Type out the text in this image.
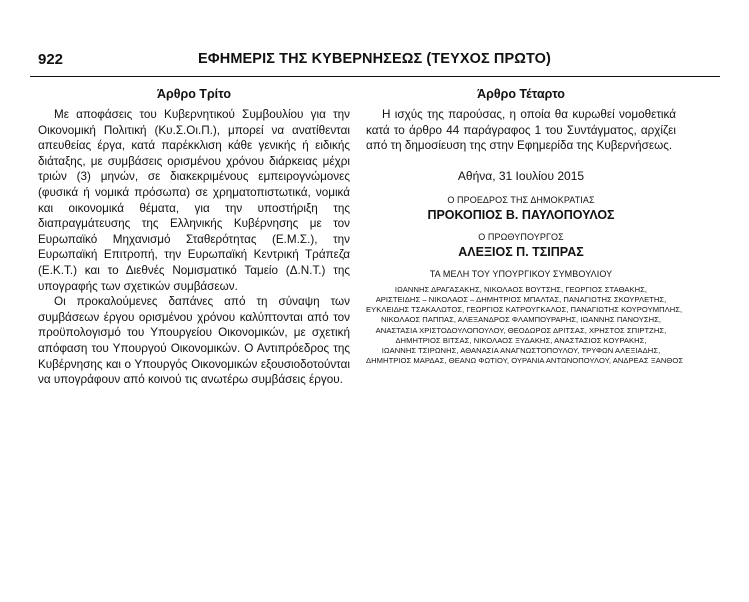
922	ΕΦΗΜΕΡΙΣ ΤΗΣ ΚΥΒΕΡΝΗΣΕΩΣ (ΤΕΥΧΟΣ ΠΡΩΤΟ)
Άρθρο Τρίτο

Με αποφάσεις του Κυβερνητικού Συμβουλίου για την Οικονομική Πολιτική (Κυ.Σ.Οι.Π.), μπορεί να ανατίθενται απευθείας έργα, κατά παρέκκλιση κάθε γενικής ή ειδικής διάταξης, με συμβάσεις ορισμένου χρόνου διάρκειας μέχρι τριών (3) μηνών, σε διακεκριμένους εμπειρογνώμονες (φυσικά ή νομικά πρόσωπα) σε χρηματοπιστωτικά, νομικά και οικονομικά θέματα, για την υποστήριξη της διαπραγμάτευσης της Ελληνικής Κυβέρνησης με τον Ευρωπαϊκό Μηχανισμό Σταθερότητας (Ε.Μ.Σ.), την Ευρωπαϊκή Επιτροπή, την Ευρωπαϊκή Κεντρική Τράπεζα (Ε.Κ.Τ.) και το Διεθνές Νομισματικό Ταμείο (Δ.Ν.Τ.) της υπογραφής των σχετικών συμβάσεων.

Οι προκαλούμενες δαπάνες από τη σύναψη των συμβάσεων έργου ορισμένου χρόνου καλύπτονται από τον προϋπολογισμό του Υπουργείου Οικονομικών, με σχετική απόφαση του Υπουργού Οικονομικών. Ο Αντιπρόεδρος της Κυβέρνησης και ο Υπουργός Οικονομικών εξουσιοδοτούνται να υπογράφουν από κοινού τις ανωτέρω συμβάσεις έργου.

Άρθρο Τέταρτο

Η ισχύς της παρούσας, η οποία θα κυρωθεί νομοθετικά κατά το άρθρο 44 παράγραφος 1 του Συντάγματος, αρχίζει από τη δημοσίευση της στην Εφημερίδα της Κυβερνήσεως.

Αθήνα, 31 Ιουλίου 2015
Ο ΠΡΟΕΔΡΟΣ ΤΗΣ ΔΗΜΟΚΡΑΤΙΑΣ
ΠΡΟΚΟΠΙΟΣ Β. ΠΑΥΛΟΠΟΥΛΟΣ
Ο ΠΡΩΘΥΠΟΥΡΓΟΣ
ΑΛΕΞΙΟΣ Π. ΤΣΙΠΡΑΣ
ΤΑ ΜΕΛΗ ΤΟΥ ΥΠΟΥΡΓΙΚΟΥ ΣΥΜΒΟΥΛΙΟΥ
ΙΩΑΝΝΗΣ ΔΡΑΓΑΣΑΚΗΣ, ΝΙΚΟΛΑΟΣ ΒΟΥΤΣΗΣ, ΓΕΩΡΓΙΟΣ ΣΤΑΘΑΚΗΣ,
ΑΡΙΣΤΕΙΔΗΣ – ΝΙΚΟΛΑΟΣ – ΔΗΜΗΤΡΙΟΣ ΜΠΑΛΤΑΣ, ΠΑΝΑΓΙΩΤΗΣ ΣΚΟΥΡΛΕΤΗΣ,
ΕΥΚΛΕΙΔΗΣ ΤΣΑΚΑΛΩΤΟΣ, ΓΕΩΡΓΙΟΣ ΚΑΤΡΟΥΓΚΑΛΟΣ, ΠΑΝΑΓΙΩΤΗΣ ΚΟΥΡΟΥΜΠΛΗΣ,
ΝΙΚΟΛΑΟΣ ΠΑΠΠΑΣ, ΑΛΕΞΑΝΔΡΟΣ ΦΛΑΜΠΟΥΡΑΡΗΣ, ΙΩΑΝΝΗΣ ΠΑΝΟΥΣΗΣ,
ΑΝΑΣΤΑΣΙΑ ΧΡΙΣΤΟΔΟΥΛΟΠΟΥΛΟΥ, ΘΕΟΔΩΡΟΣ ΔΡΙΤΣΑΣ, ΧΡΗΣΤΟΣ ΣΠΙΡΤΖΗΣ,
ΔΗΜΗΤΡΙΟΣ ΒΙΤΣΑΣ, ΝΙΚΟΛΑΟΣ ΞΥΔΑΚΗΣ, ΑΝΑΣΤΑΣΙΟΣ ΚΟΥΡΑΚΗΣ,
ΙΩΑΝΝΗΣ ΤΣΙΡΩΝΗΣ, ΑΘΑΝΑΣΙΑ ΑΝΑΓΝΩΣΤΟΠΟΥΛΟΥ, ΤΡΥΦΩΝ ΑΛΕΞΙΑΔΗΣ,
ΔΗΜΗΤΡΙΟΣ ΜΑΡΔΑΣ, ΘΕΑΝΩ ΦΩΤΙΟΥ, ΟΥΡΑΝΙΑ ΑΝΤΩΝΟΠΟΥΛΟΥ, ΑΝΔΡΕΑΣ ΞΑΝΘΟΣ
